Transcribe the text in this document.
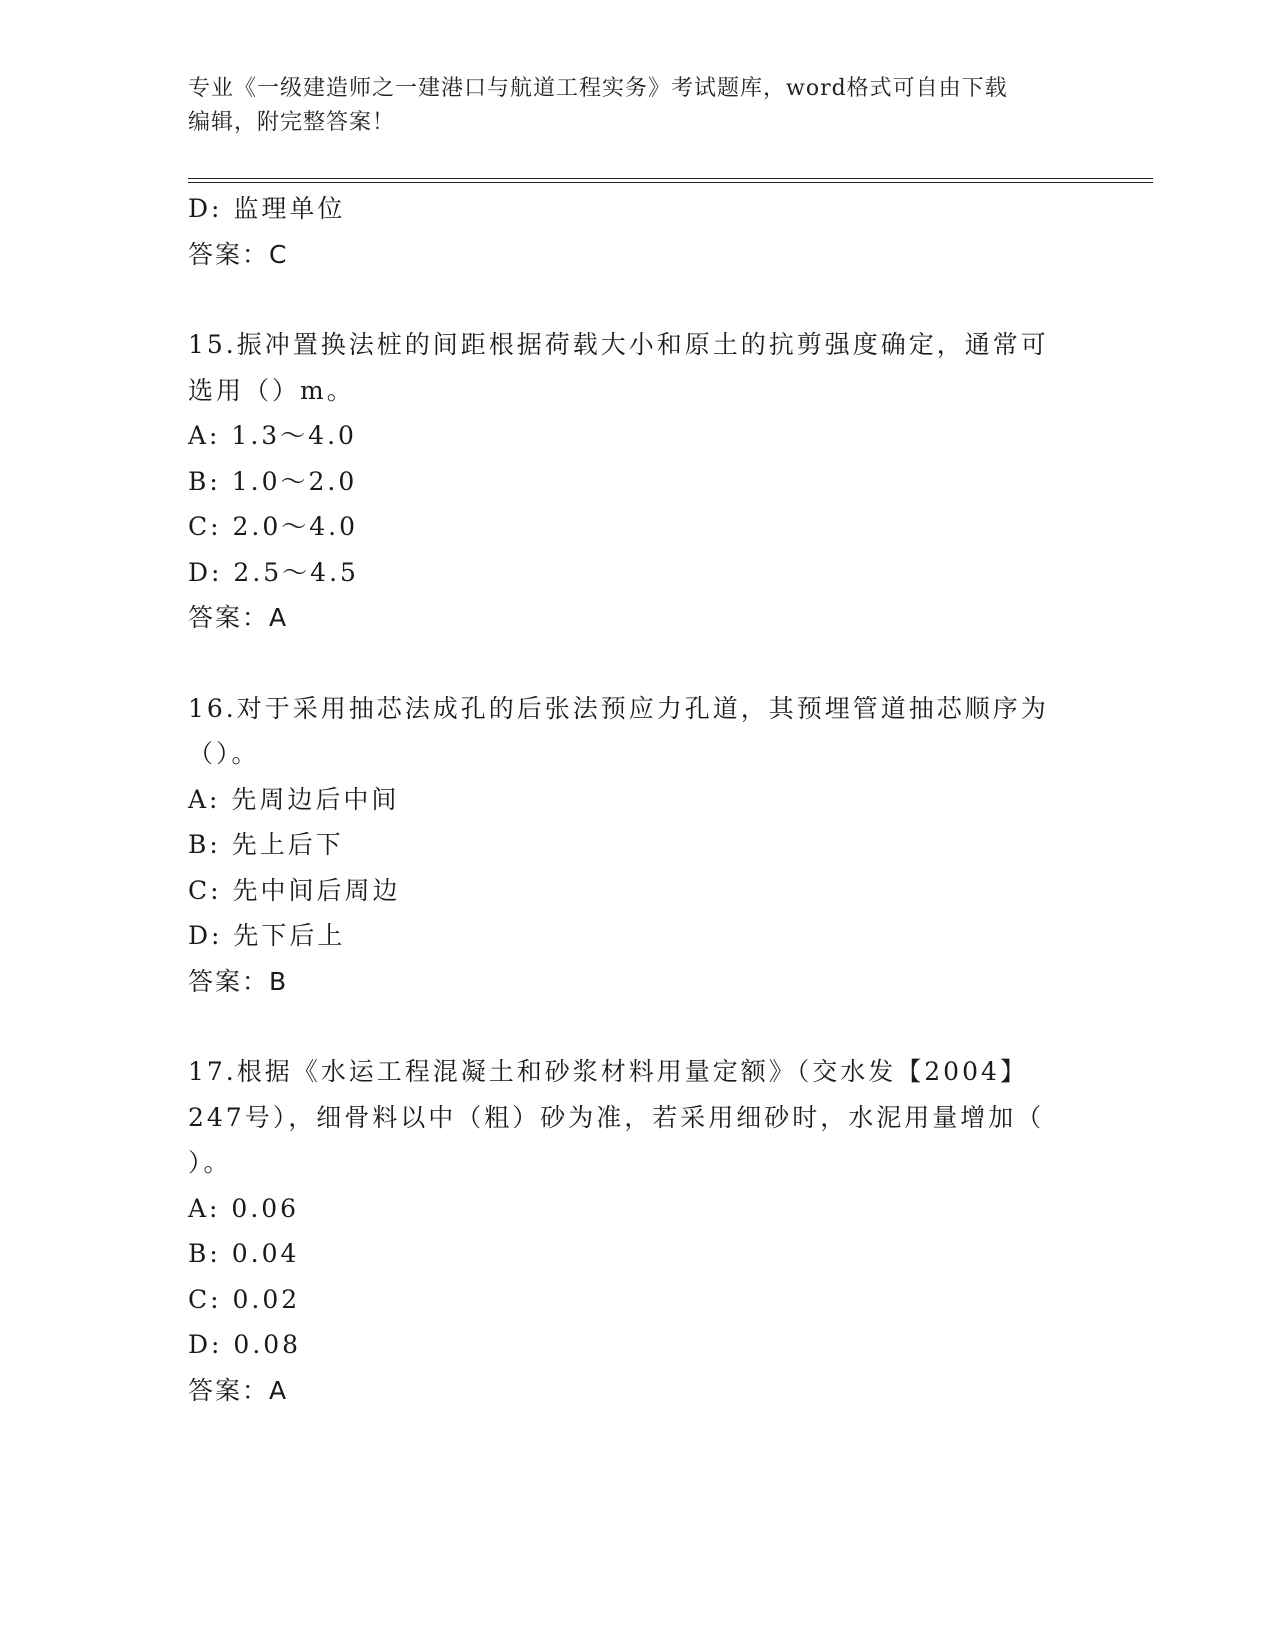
专业《一级建造师之一建港口与航道工程实务》考试题库，word格式可自由下载
编辑，附完整答案！
D: 监理单位
答案：C
15.振冲置换法桩的间距根据荷载大小和原土的抗剪强度确定，通常可
选用（）m。
A: 1.3～4.0
B: 1.0～2.0
C: 2.0～4.0
D: 2.5～4.5
答案：A
16.对于采用抽芯法成孔的后张法预应力孔道，其预埋管道抽芯顺序为
（）。
A: 先周边后中间
B: 先上后下
C: 先中间后周边
D: 先下后上
答案：B
17.根据《水运工程混凝土和砂浆材料用量定额》（交水发【2004】
247号），细骨料以中（粗）砂为准，若采用细砂时，水泥用量增加（
）。
A: 0.06
B: 0.04
C: 0.02
D: 0.08
答案：A
